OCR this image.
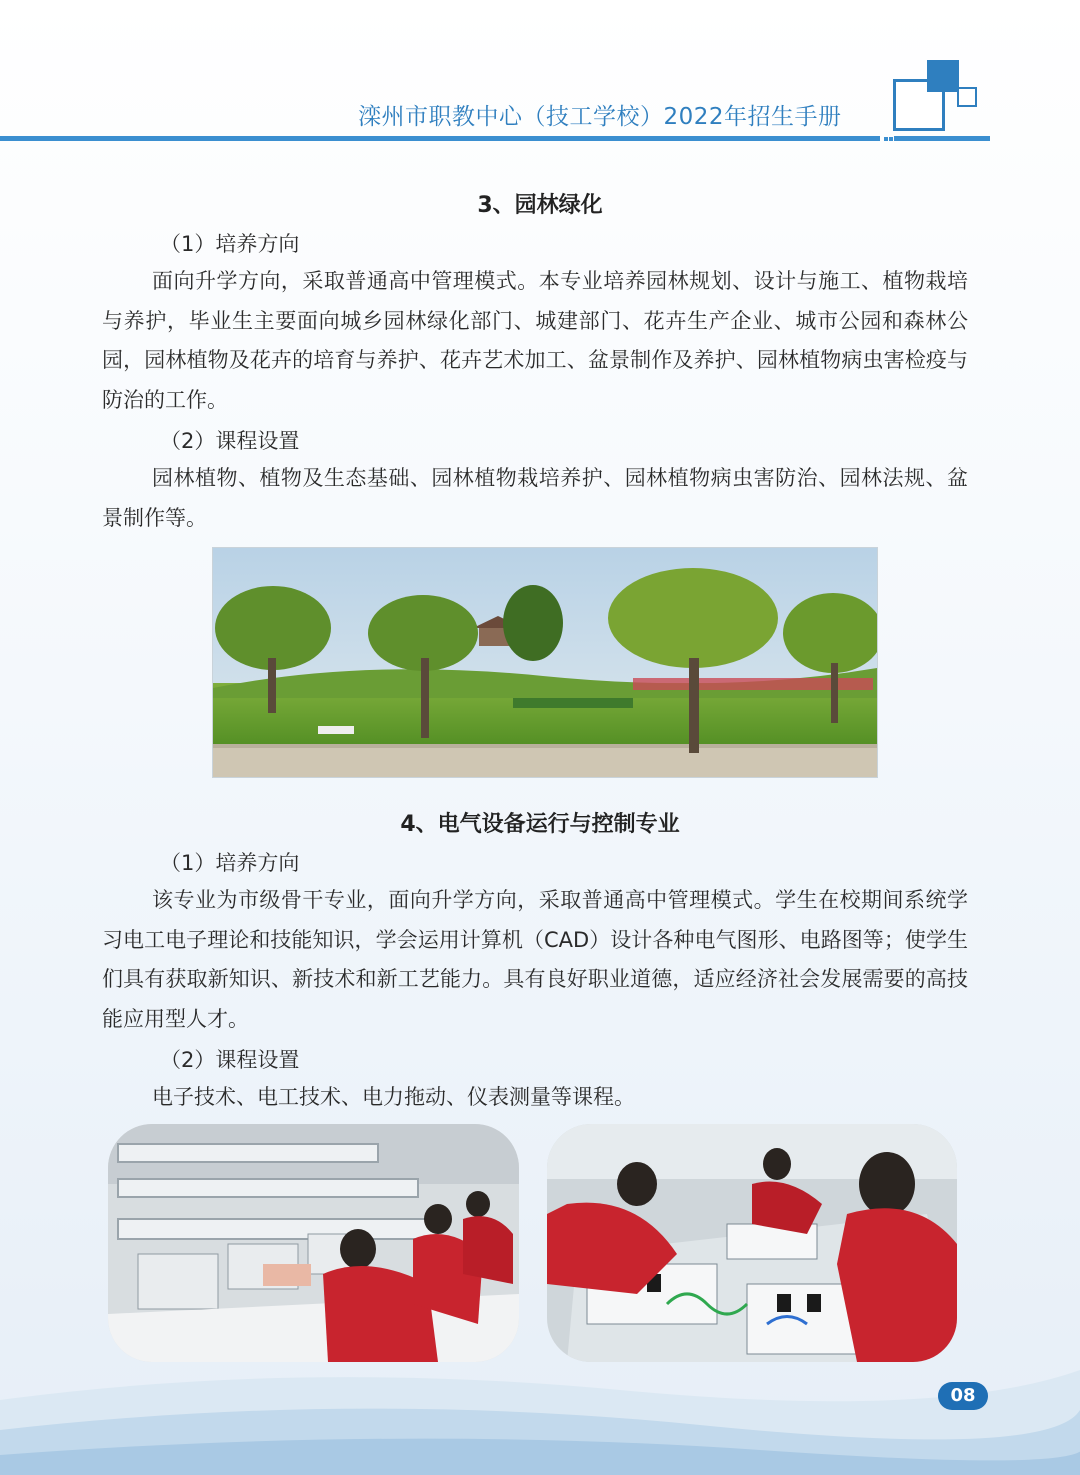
滦州市职教中心（技工学校）2022年招生手册
3、园林绿化
（1）培养方向
面向升学方向，采取普通高中管理模式。本专业培养园林规划、设计与施工、植物栽培与养护，毕业生主要面向城乡园林绿化部门、城建部门、花卉生产企业、城市公园和森林公园，园林植物及花卉的培育与养护、花卉艺术加工、盆景制作及养护、园林植物病虫害检疫与防治的工作。
（2）课程设置
园林植物、植物及生态基础、园林植物栽培养护、园林植物病虫害防治、园林法规、盆景制作等。
4、电气设备运行与控制专业
（1）培养方向
该专业为市级骨干专业，面向升学方向，采取普通高中管理模式。学生在校期间系统学习电工电子理论和技能知识，学会运用计算机（CAD）设计各种电气图形、电路图等；使学生们具有获取新知识、新技术和新工艺能力。具有良好职业道德，适应经济社会发展需要的高技能应用型人才。
（2）课程设置
电子技术、电工技术、电力拖动、仪表测量等课程。
08
